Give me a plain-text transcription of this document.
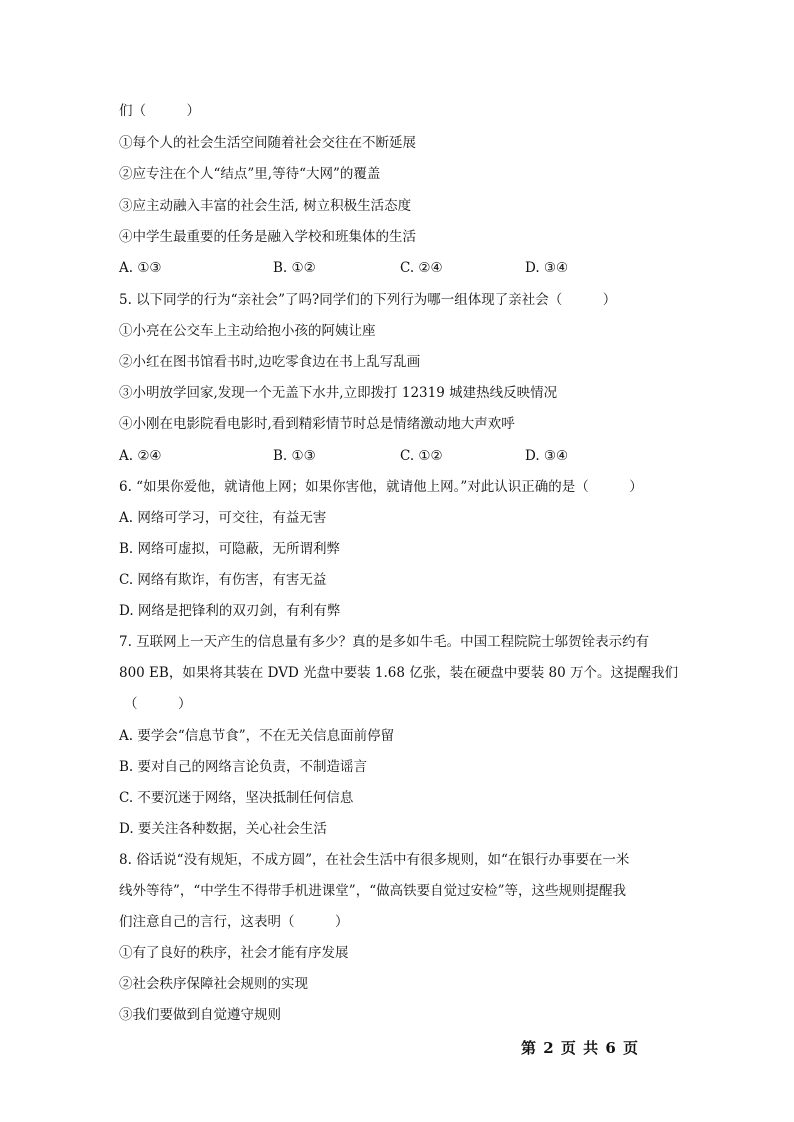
们（　　　）
①每个人的社会生活空间随着社会交往在不断延展
②应专注在个人“结点”里,等待“大网”的覆盖
③应主动融入丰富的社会生活, 树立积极生活态度
④中学生最重要的任务是融入学校和班集体的生活
A. ①③	B. ①②	C. ②④	D. ③④
5. 以下同学的行为“亲社会”了吗?同学们的下列行为哪一组体现了亲社会（　　　）
①小亮在公交车上主动给抱小孩的阿姨让座
②小红在图书馆看书时,边吃零食边在书上乱写乱画
③小明放学回家,发现一个无盖下水井,立即拨打 12319 城建热线反映情况
④小刚在电影院看电影时,看到精彩情节时总是情绪激动地大声欢呼
A. ②④	B. ①③	C. ①②	D. ③④
6. “如果你爱他，就请他上网；如果你害他，就请他上网。”对此认识正确的是（　　　）
A. 网络可学习，可交往，有益无害
B. 网络可虚拟，可隐蔽，无所谓利弊
C. 网络有欺诈，有伤害，有害无益
D. 网络是把锋利的双刃剑，有利有弊
7. 互联网上一天产生的信息量有多少？真的是多如牛毛。中国工程院院士邬贺铨表示约有
800 EB，如果将其装在 DVD 光盘中要装 1.68 亿张，装在硬盘中要装 80 万个。这提醒我们
（　　　）
A. 要学会“信息节食”，不在无关信息面前停留
B. 要对自己的网络言论负责，不制造谣言
C. 不要沉迷于网络，坚决抵制任何信息
D. 要关注各种数据，关心社会生活
8. 俗话说“没有规矩，不成方圆”，在社会生活中有很多规则，如“在银行办事要在一米
线外等待”，“中学生不得带手机进课堂”，“做高铁要自觉过安检”等，这些规则提醒我
们注意自己的言行，这表明（　　　）
①有了良好的秩序，社会才能有序发展
②社会秩序保障社会规则的实现
③我们要做到自觉遵守规则
第 2 页 共 6 页
